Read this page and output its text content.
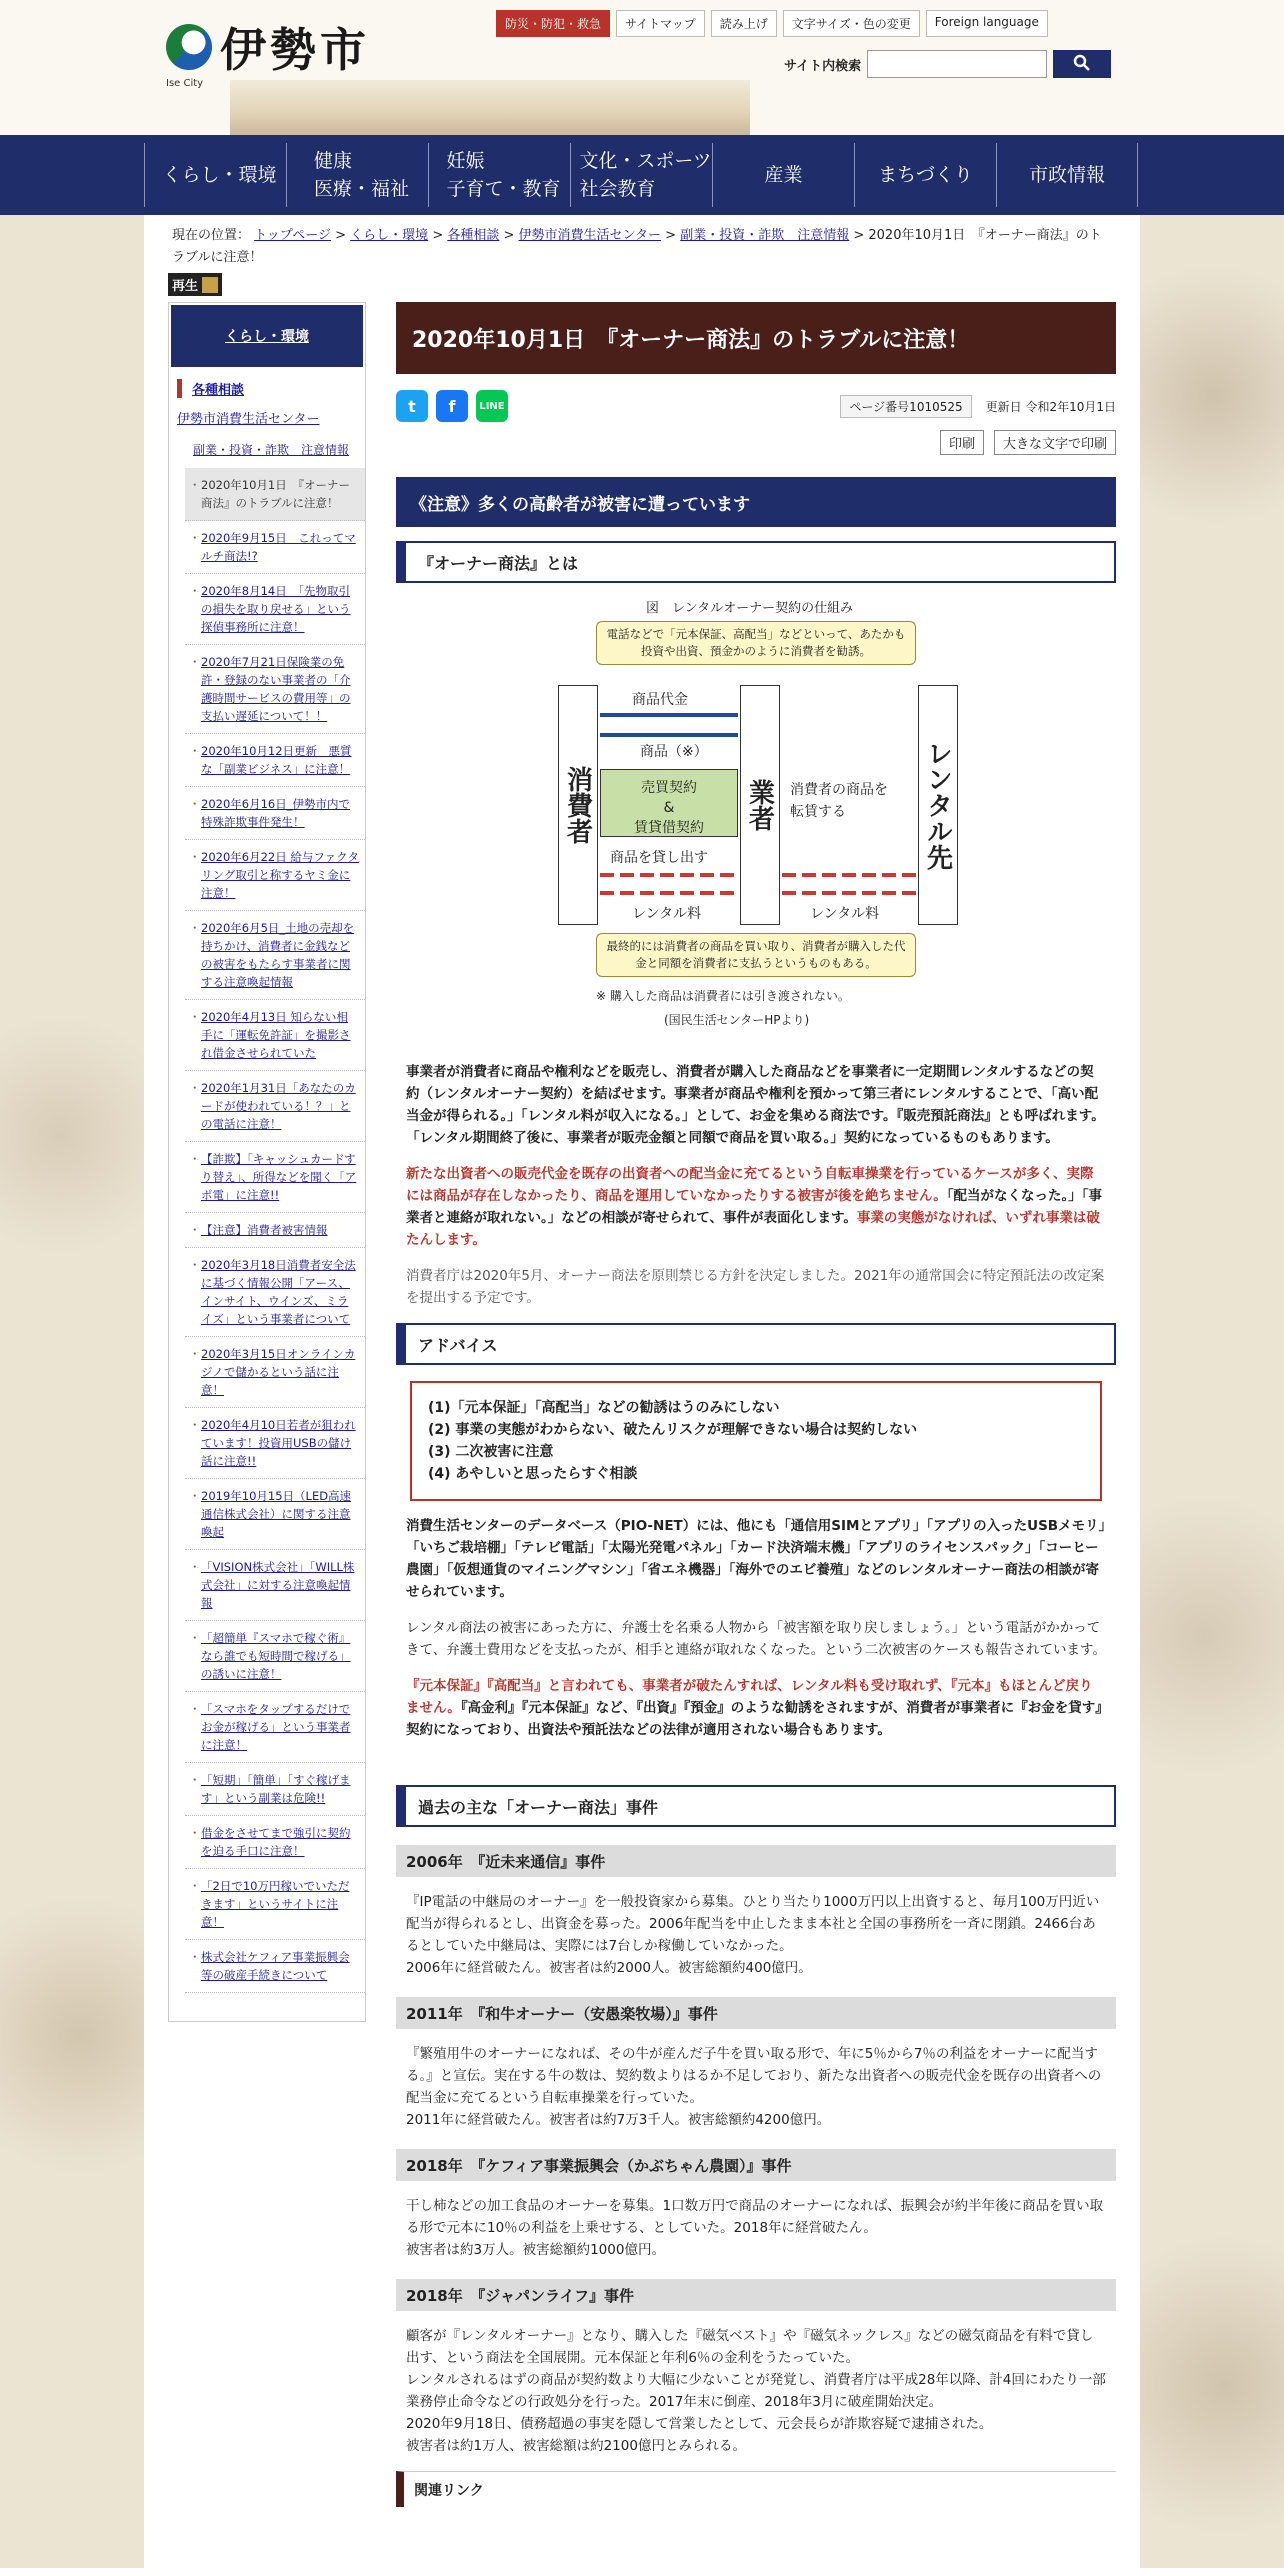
伊勢市
Ise City
防災・防犯・救急	サイトマップ	読み上げ	文字サイズ・色の変更	Foreign language
サイト内検索
くらし・環境
健康
医療・福祉
妊娠
子育て・教育
文化・スポーツ
社会教育
産業	まちづくり	市政情報
現在の位置： トップページ > くらし・環境 > 各種相談 > 伊勢市消費生活センター > 副業・投資・詐欺　注意情報 > 2020年10月1日　『オーナー商法』のトラブルに注意！
再生
くらし・環境
各種相談
伊勢市消費生活センター
副業・投資・詐欺　注意情報
・ 2020年10月1日　『オーナー商法』のトラブルに注意！
・ 2020年9月15日　これってマルチ商法!?
・ 2020年8月14日　「先物取引の損失を取り戻せる」という探偵事務所に注意！
・ 2020年7月21日保険業の免許・登録のない事業者の「介護時間サービスの費用等」の支払い遅延について！！
・ 2020年10月12日更新　悪質な「副業ビジネス」に注意！
・ 2020年6月16日_伊勢市内で特殊詐欺事件発生！
・ 2020年6月22日 給与ファクタリング取引と称するヤミ金に注意！
・ 2020年6月5日_土地の売却を持ちかけ、消費者に金銭などの被害をもたらす事業者に関する注意喚起情報
・ 2020年4月13日 知らない相手に「運転免許証」を撮影され借金させられていた
・ 2020年1月31日「あなたのカードが使われている！？」との電話に注意！
・ 【詐欺】「キャッシュカードすり替え」、所得などを聞く「アポ電」に注意!!
・ 【注意】消費者被害情報
・ 2020年3月18日消費者安全法に基づく情報公開「アース、インサイト、ウインズ、ミライズ」という事業者について
・ 2020年3月15日オンラインカジノで儲かるという話に注意！
・ 2020年4月10日若者が狙われています！投資用USBの儲け話に注意!!
・ 2019年10月15日（LED高速通信株式会社）に関する注意喚起
・ 「VISION株式会社」「WILL株式会社」に対する注意喚起情報
・ 「超簡単『スマホで稼ぐ術』なら誰でも短時間で稼げる」の誘いに注意！
・ 「スマホをタップするだけでお金が稼げる」という事業者に注意！
・ 「短期」「簡単」「すぐ稼げます」という副業は危険!!
・ 借金をさせてまで強引に契約を迫る手口に注意！
・ 「2日で10万円稼いでいただきます」というサイトに注意！
・ 株式会社ケフィア事業振興会等の破産手続きについて
2020年10月1日　『オーナー商法』のトラブルに注意！
t	f	LINE	ページ番号1010525	更新日 令和2年10月1日
印刷	大きな文字で印刷
《注意》多くの高齢者が被害に遭っています
『オーナー商法』とは
図　レンタルオーナー契約の仕組み
電話などで「元本保証、高配当」などといって、あたかも投資や出資、預金かのように消費者を勧誘。
消費者	業者	レンタル先
商品代金
商品（※）
売買契約
&
賃貸借契約
商品を貸し出す
レンタル料
消費者の商品を
転賃する
レンタル料
最終的には消費者の商品を買い取り、消費者が購入した代金と同額を消費者に支払うというものもある。
※ 購入した商品は消費者には引き渡されない。
(国民生活センターHPより)
事業者が消費者に商品や権利などを販売し、消費者が購入した商品などを事業者に一定期間レンタルするなどの契約（レンタルオーナー契約）を結ばせます。事業者が商品や権利を預かって第三者にレンタルすることで、「高い配当金が得られる。」「レンタル料が収入になる。」として、お金を集める商法です。『販売預託商法』とも呼ばれます。「レンタル期間終了後に、事業者が販売金額と同額で商品を買い取る。」契約になっているものもあります。
新たな出資者への販売代金を既存の出資者への配当金に充てるという自転車操業を行っているケースが多く、実際には商品が存在しなかったり、商品を運用していなかったりする被害が後を絶ちません。「配当がなくなった。」「事業者と連絡が取れない。」などの相談が寄せられて、事件が表面化します。事業の実態がなければ、いずれ事業は破たんします。
消費者庁は2020年5月、オーナー商法を原則禁じる方針を決定しました。2021年の通常国会に特定預託法の改定案を提出する予定です。
アドバイス
(1)「元本保証」「高配当」などの勧誘はうのみにしない
(2) 事業の実態がわからない、破たんリスクが理解できない場合は契約しない
(3) 二次被害に注意
(4) あやしいと思ったらすぐ相談
消費生活センターのデータベース（PIO-NET）には、他にも「通信用SIMとアプリ」「アプリの入ったUSBメモリ」「いちご栽培棚」「テレビ電話」「太陽光発電パネル」「カード決済端末機」「アプリのライセンスパック」「コーヒー農園」「仮想通貨のマイニングマシン」「省エネ機器」「海外でのエビ養殖」などのレンタルオーナー商法の相談が寄せられています。
レンタル商法の被害にあった方に、弁護士を名乗る人物から「被害額を取り戻しましょう。」という電話がかかってきて、弁護士費用などを支払ったが、相手と連絡が取れなくなった。という二次被害のケースも報告されています。
『元本保証』『高配当』と言われても、事業者が破たんすれば、レンタル料も受け取れず、『元本』もほとんど戻りません。『高金利』『元本保証』など、『出資』『預金』のような勧誘をされますが、消費者が事業者に『お金を貸す』契約になっており、出資法や預託法などの法律が適用されない場合もあります。
過去の主な「オーナー商法」事件
2006年　『近未来通信』事件
『IP電話の中継局のオーナー』を一般投資家から募集。ひとり当たり1000万円以上出資すると、毎月100万円近い配当が得られるとし、出資金を募った。2006年配当を中止したまま本社と全国の事務所を一斉に閉鎖。2466台あるとしていた中継局は、実際には7台しか稼働していなかった。
2006年に経営破たん。被害者は約2000人。被害総額約400億円。
2011年　『和牛オーナー（安愚楽牧場）』事件
『繁殖用牛のオーナーになれば、その牛が産んだ子牛を買い取る形で、年に5％から7％の利益をオーナーに配当する。』と宣伝。実在する牛の数は、契約数よりはるか不足しており、新たな出資者への販売代金を既存の出資者への配当金に充てるという自転車操業を行っていた。
2011年に経営破たん。被害者は約7万3千人。被害総額約4200億円。
2018年　『ケフィア事業振興会（かぶちゃん農園）』事件
干し柿などの加工食品のオーナーを募集。1口数万円で商品のオーナーになれば、振興会が約半年後に商品を買い取る形で元本に10％の利益を上乗せする、としていた。2018年に経営破たん。
被害者は約3万人。被害総額約1000億円。
2018年　『ジャパンライフ』事件
顧客が『レンタルオーナー』となり、購入した『磁気ベスト』や『磁気ネックレス』などの磁気商品を有料で貸し出す、という商法を全国展開。元本保証と年利6％の金利をうたっていた。
レンタルされるはずの商品が契約数より大幅に少ないことが発覚し、消費者庁は平成28年以降、計4回にわたり一部業務停止命令などの行政処分を行った。2017年末に倒産、2018年3月に破産開始決定。
2020年9月18日、債務超過の事実を隠して営業したとして、元会長らが詐欺容疑で逮捕された。
被害者は約1万人、被害総額は約2100億円とみられる。
関連リンク
